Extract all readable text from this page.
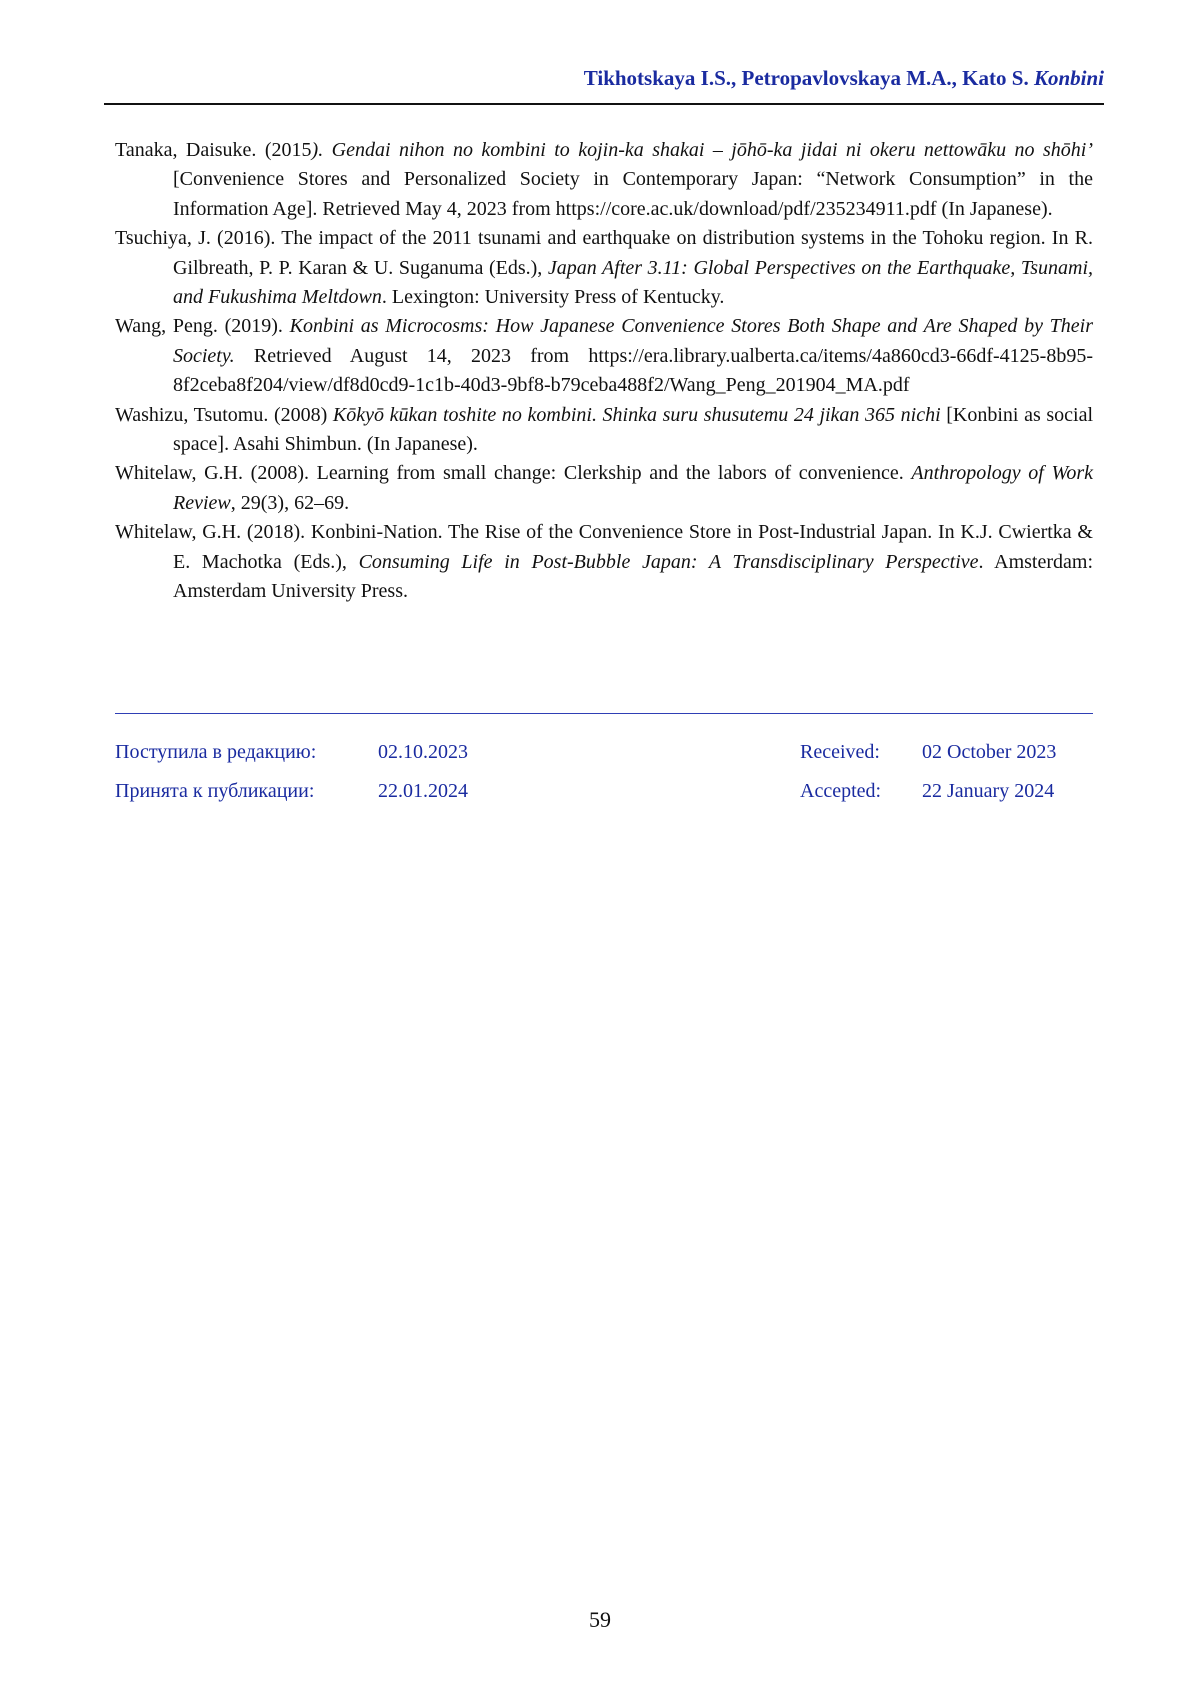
Tikhotskaya I.S., Petropavlovskaya M.A., Kato S. Konbini

Tanaka, Daisuke. (2015). Gendai nihon no kombini to kojin-ka shakai – jōhō-ka jidai ni okeru nettowāku no shōhi’ [Convenience Stores and Personalized Society in Contemporary Japan: “Network Consumption” in the Information Age]. Retrieved May 4, 2023 from https://core.ac.uk/download/pdf/235234911.pdf (In Japanese).

Tsuchiya, J. (2016). The impact of the 2011 tsunami and earthquake on distribution systems in the Tohoku region. In R. Gilbreath, P. P. Karan & U. Suganuma (Eds.), Japan After 3.11: Global Perspectives on the Earthquake, Tsunami, and Fukushima Meltdown. Lexington: University Press of Kentucky.

Wang, Peng. (2019). Konbini as Microcosms: How Japanese Convenience Stores Both Shape and Are Shaped by Their Society. Retrieved August 14, 2023 from https://era.library.ualberta.ca/items/4a860cd3-66df-4125-8b95-8f2ceba8f204/view/df8d0cd9-1c1b-40d3-9bf8-b79ceba488f2/Wang_Peng_201904_MA.pdf

Washizu, Tsutomu. (2008) Kōkyō kūkan toshite no kombini. Shinka suru shusutemu 24 jikan 365 nichi [Konbini as social space]. Asahi Shimbun. (In Japanese).

Whitelaw, G.H. (2008). Learning from small change: Clerkship and the labors of convenience. Anthropology of Work Review, 29(3), 62–69.

Whitelaw, G.H. (2018). Konbini-Nation. The Rise of the Convenience Store in Post-Industrial Japan. In K.J. Cwiertka & E. Machotka (Eds.), Consuming Life in Post-Bubble Japan: A Transdisciplinary Perspective. Amsterdam: Amsterdam University Press.

Поступила в редакцию:	02.10.2023
Принята к публикации:	22.01.2024
Received: 02 October 2023
Accepted: 22 January 2024
59
